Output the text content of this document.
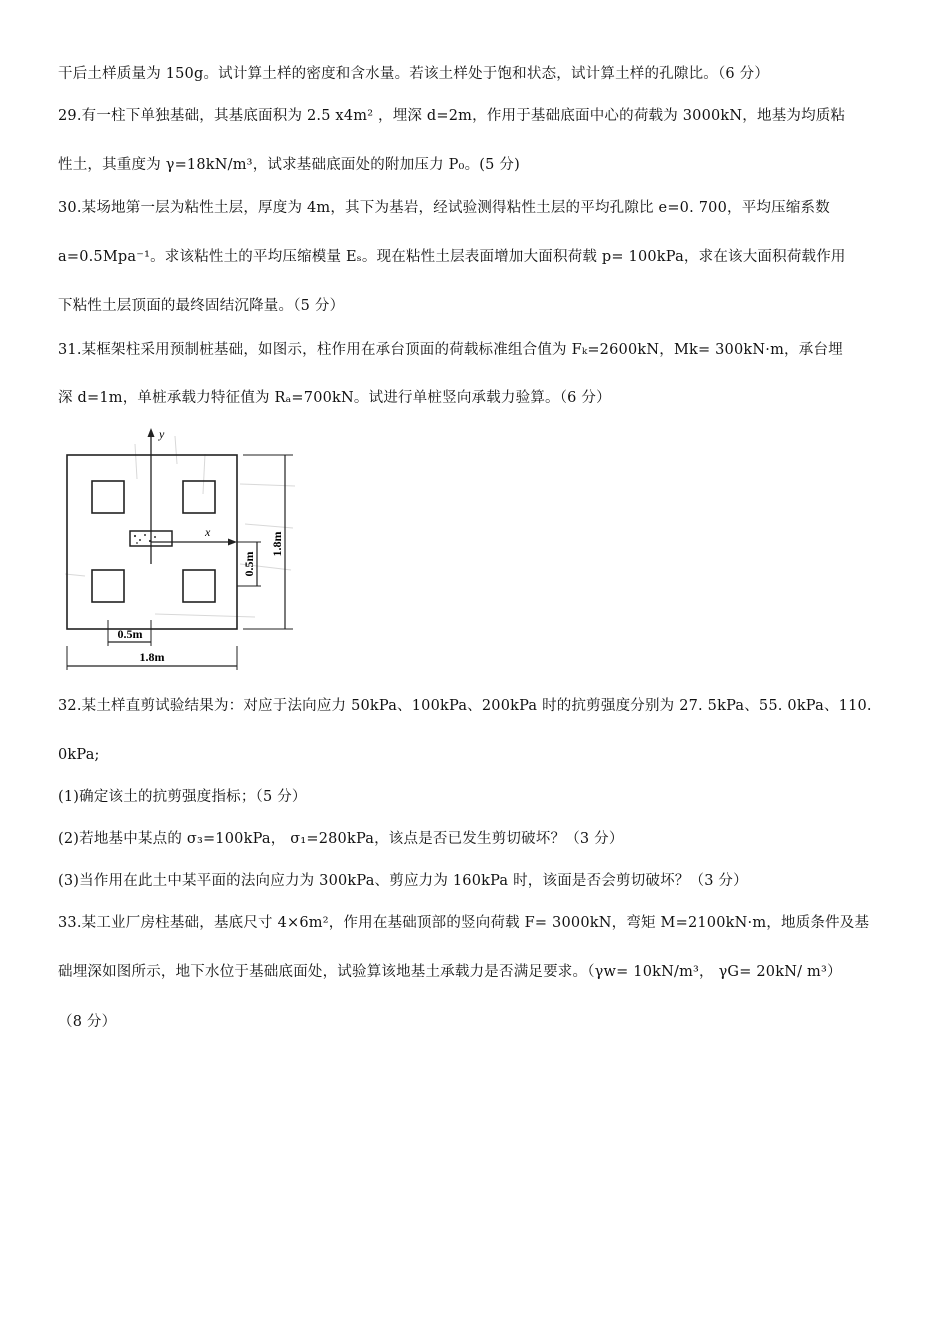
干后土样质量为 150g。试计算土样的密度和含水量。若该土样处于饱和状态，试计算土样的孔隙比。（6 分）
29.有一柱下单独基础，其基底面积为 2.5 x4m² ，埋深 d=2m，作用于基础底面中心的荷载为 3000kN，地基为均质粘
性土，其重度为 γ=18kN/m³，试求基础底面处的附加压力 P₀。(5 分)
30.某场地第一层为粘性土层，厚度为 4m，其下为基岩，经试验测得粘性土层的平均孔隙比 e=0. 700，平均压缩系数
a=0.5Mpa⁻¹。求该粘性土的平均压缩模量 Eₛ。现在粘性土层表面增加大面积荷载 p= 100kPa，求在该大面积荷载作用
下粘性土层顶面的最终固结沉降量。（5 分）
31.某框架柱采用预制桩基础，如图示，柱作用在承台顶面的荷载标准组合值为 Fₖ=2600kN，Mk= 300kN·m，承台埋
深 d=1m，单桩承载力特征值为 Rₐ=700kN。试进行单桩竖向承载力验算。（6 分）
32.某土样直剪试验结果为：对应于法向应力 50kPa、100kPa、200kPa 时的抗剪强度分别为 27. 5kPa、55. 0kPa、110.
0kPa;
(1)确定该土的抗剪强度指标；（5 分）
(2)若地基中某点的 σ₃=100kPa， σ₁=280kPa，该点是否已发生剪切破坏？（3 分）
(3)当作用在此土中某平面的法向应力为 300kPa、剪应力为 160kPa 时，该面是否会剪切破坏？（3 分）
33.某工业厂房柱基础，基底尺寸 4×6m²，作用在基础顶部的竖向荷载 F= 3000kN，弯矩 M=2100kN·m，地质条件及基
础埋深如图所示，地下水位于基础底面处，试验算该地基土承载力是否满足要求。（γw= 10kN/m³， γG= 20kN/ m³）
（8 分）
y
x	1.8m
0.5m
0.5m
1.8m
